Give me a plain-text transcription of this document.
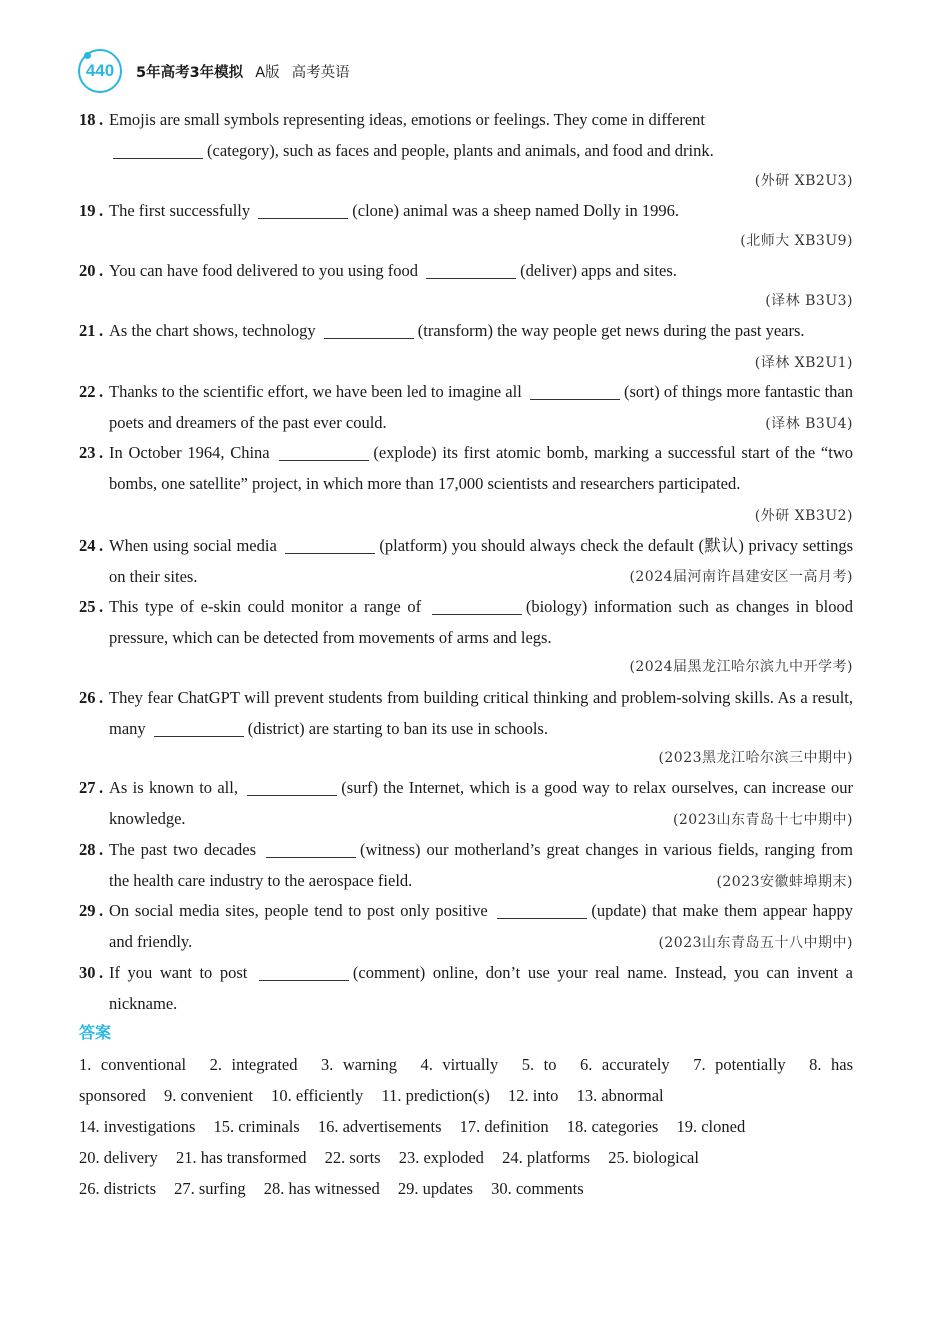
440 5年高考3年模拟 A版 高考英语
18 . Emojis are small symbols representing ideas, emotions or feelings. They come in different
(category), such as faces and people, plants and animals, and food and drink.
(外研 XB2U3)
19 . The first successfully	(clone) animal was a sheep named Dolly in 1996.
(北师大 XB3U9)
20 . You can have food delivered to you using food	(deliver) apps and sites.
(译林 B3U3)
21 . As the chart shows, technology	(transform) the way people get news during the past years.
(译林 XB2U1)
22 . Thanks to the scientific effort, we have been led to imagine all	(sort) of things more fantastic than poets and dreamers of the past ever could.	(译林 B3U4)
23 . In October 1964, China	(explode) its first atomic bomb, marking a successful start of the “two bombs, one satellite” project, in which more than 17,000 scientists and researchers participated.
(外研 XB3U2)
24 . When using social media	(platform) you should always check the default (默认) privacy settings on their sites.	(2024届河南许昌建安区一高月考)
25 . This type of e-skin could monitor a range of	(biology) information such as changes in blood pressure, which can be detected from movements of arms and legs.
(2024届黑龙江哈尔滨九中开学考)
26 . They fear ChatGPT will prevent students from building critical thinking and problem-solving skills. As a result, many	(district) are starting to ban its use in schools.
(2023黑龙江哈尔滨三中期中)
27 . As is known to all,	(surf) the Internet, which is a good way to relax ourselves, can increase our knowledge.	(2023山东青岛十七中期中)
28 . The past two decades	(witness) our motherland’s great changes in various fields, ranging from the health care industry to the aerospace field.	(2023安徽蚌埠期末)
29 . On social media sites, people tend to post only positive	(update) that make them appear happy and friendly.	(2023山东青岛五十八中期中)
30 . If you want to post	(comment) online, don’t use your real name. Instead, you can invent a nickname.
答案
1. conventional 2. integrated 3. warning 4. virtually 5. to 6. accurately 7. potentially 8. has
sponsored 9. convenient 10. efficiently 11. prediction(s) 12. into 13. abnormal
14. investigations 15. criminals 16. advertisements 17. definition 18. categories 19. cloned
20. delivery 21. has transformed 22. sorts 23. exploded 24. platforms 25. biological
26. districts 27. surfing 28. has witnessed 29. updates 30. comments
